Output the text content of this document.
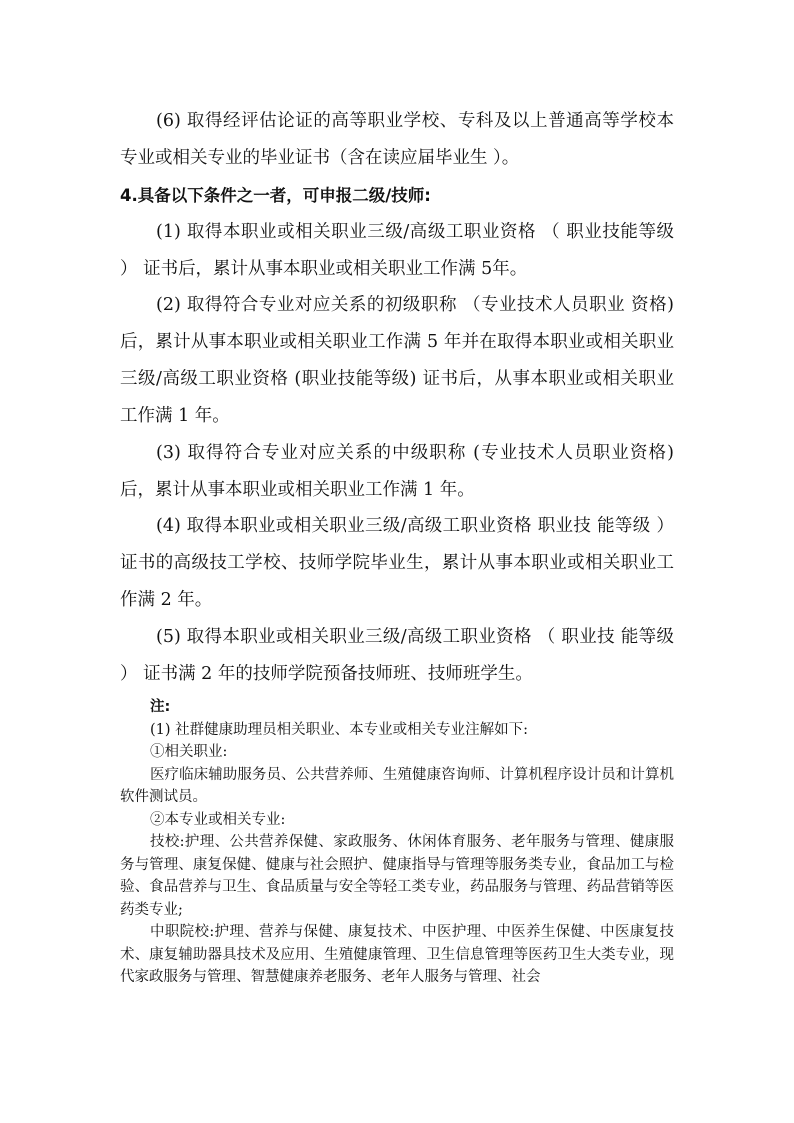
(6) 取得经评估论证的高等职业学校、专科及以上普通高等学校本专业或相关专业的毕业证书（含在读应届毕业生 ）。

4.具备以下条件之一者，可申报二级/技师:

(1) 取得本职业或相关职业三级/高级工职业资格 （ 职业技能等级 ） 证书后，累计从事本职业或相关职业工作满 5年。

(2) 取得符合专业对应关系的初级职称 （专业技术人员职业 资格)后，累计从事本职业或相关职业工作满 5 年并在取得本职业或相关职业三级/高级工职业资格 (职业技能等级) 证书后，从事本职业或相关职业工作满 1 年。

(3) 取得符合专业对应关系的中级职称 (专业技术人员职业资格) 后，累计从事本职业或相关职业工作满 1 年。

(4) 取得本职业或相关职业三级/高级工职业资格 职业技 能等级 ） 证书的高级技工学校、技师学院毕业生，累计从事本职业或相关职业工作满 2 年。

(5) 取得本职业或相关职业三级/高级工职业资格 （ 职业技 能等级 ） 证书满 2 年的技师学院预备技师班、技师班学生。

注:

(1) 社群健康助理员相关职业、本专业或相关专业注解如下:

①相关职业:

医疗临床辅助服务员、公共营养师、生殖健康咨询师、计算机程序设计员和计算机软件测试员。

②本专业或相关专业:

技校:护理、公共营养保健、家政服务、休闲体育服务、老年服务与管理、健康服务与管理、康复保健、健康与社会照护、健康指导与管理等服务类专业，食品加工与检验、食品营养与卫生、食品质量与安全等轻工类专业，药品服务与管理、药品营销等医药类专业;

中职院校:护理、营养与保健、康复技术、中医护理、中医养生保健、中医康复技术、康复辅助器具技术及应用、生殖健康管理、卫生信息管理等医药卫生大类专业，现代家政服务与管理、智慧健康养老服务、老年人服务与管理、社会
